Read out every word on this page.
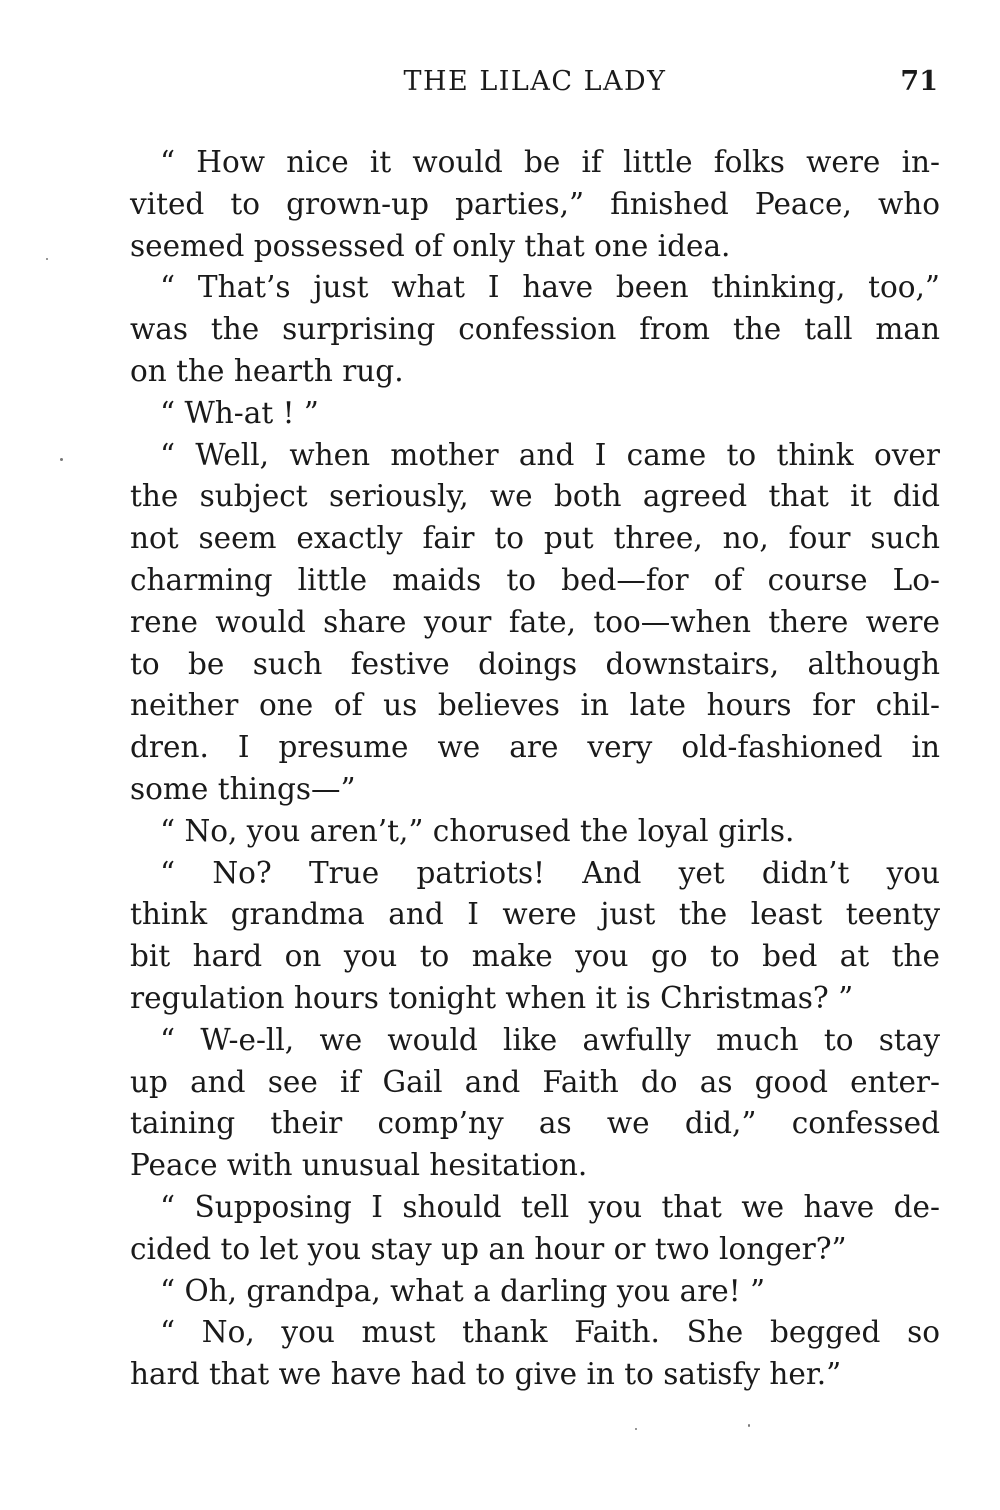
THE LILAC LADY	71
“ How nice it would be if little folks were in-
vited to grown-up parties,” finished Peace, who
seemed possessed of only that one idea.
“ That’s just what I have been thinking, too,”
was the surprising confession from the tall man
on the hearth rug.
“ Wh-at ! ”
“ Well, when mother and I came to think over
the subject seriously, we both agreed that it did
not seem exactly fair to put three, no, four such
charming little maids to bed—for of course Lo-
rene would share your fate, too—when there were
to be such festive doings downstairs, although
neither one of us believes in late hours for chil-
dren. I presume we are very old-fashioned in
some things—”
“ No, you aren’t,” chorused the loyal girls.
“ No? True patriots! And yet didn’t you
think grandma and I were just the least teenty
bit hard on you to make you go to bed at the
regulation hours tonight when it is Christmas? ”
“ W-e-ll, we would like awfully much to stay
up and see if Gail and Faith do as good enter-
taining their comp’ny as we did,” confessed
Peace with unusual hesitation.
“ Supposing I should tell you that we have de-
cided to let you stay up an hour or two longer?”
“ Oh, grandpa, what a darling you are! ”
“ No, you must thank Faith. She begged so
hard that we have had to give in to satisfy her.”
